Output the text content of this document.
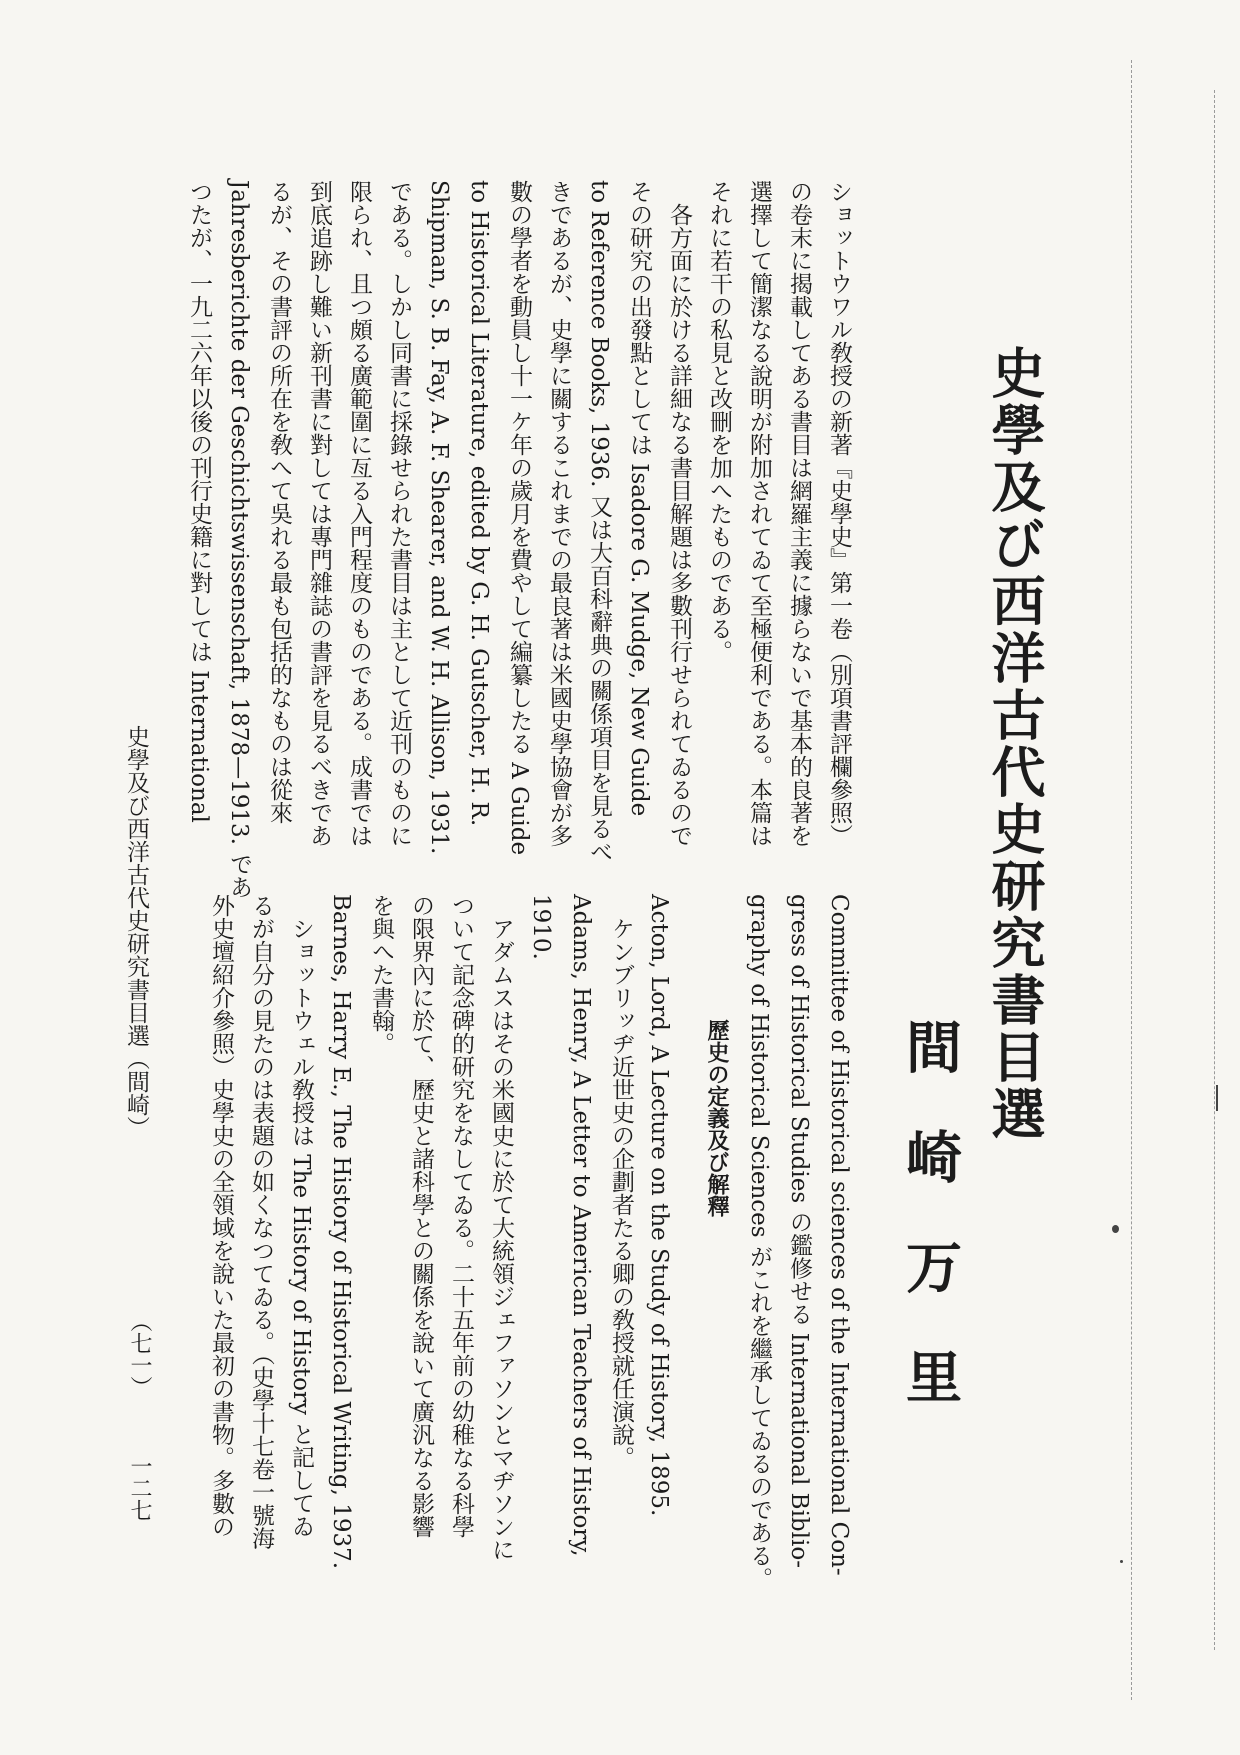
史學及び西洋古代史研究書目選
間崎万里
ショットウワル敎授の新著『史學史』第一卷（別項書評欄參照）
の卷末に揭載してある書目は網羅主義に據らないで基本的良著を
選擇して簡潔なる說明が附加されてゐて至極便利である。本篇は
それに若干の私見と改刪を加へたものである。
各方面に於ける詳細なる書目解題は多數刊行せられてゐるので
その研究の出發點としては Isadore G. Mudge, New Guide
to Reference Books, 1936. 又は大百科辭典の關係項目を見るべ
きであるが、史學に關するこれまでの最良著は米國史學協會が多
數の學者を動員し十一ケ年の歲月を費やして編纂したる A Guide
to Historical Literature, edited by G. H. Gutscher, H. R.
Shipman, S. B. Fay, A. F. Shearer, and W. H. Allison, 1931.
である。しかし同書に採錄せられた書目は主として近刊のものに
限られ、且つ頗る廣範圍に亙る入門程度のものである。成書では
到底追跡し難い新刊書に對しては專門雜誌の書評を見るべきであ
るが、その書評の所在を敎へて吳れる最も包括的なものは從來
Jahresberichte der Geschichtswissenschaft, 1878—1913. であ
つたが、一九二六年以後の刊行史籍に對しては International
Committee of Historical sciences of the International Con-
gress of Historical Studies の鑑修せる International Biblio-
graphy of Historical Sciences がこれを繼承してゐるのである。
歷史の定義及び解釋
Acton, Lord, A Lecture on the Study of History, 1895.
ケンブリッヂ近世史の企劃者たる卿の敎授就任演說。
Adams, Henry, A Letter to American Teachers of History,
1910.
アダムスはその米國史に於て大統領ジェファソンとマヂソンに
ついて記念碑的研究をなしてゐる。二十五年前の幼稚なる科學
の限界內に於て、歷史と諸科學との關係を說いて廣汎なる影響
を與へた書翰。
Barnes, Harry E., The History of Historical Writing, 1937.
ショットウェル敎授は The History of History と記してゐ
るが自分の見たのは表題の如くなつてゐる。（史學十七卷一號海
外史壇紹介參照）史學史の全領域を說いた最初の書物。多數の
史學及び西洋古代史研究書目選（間崎）
（七一）
一二七
